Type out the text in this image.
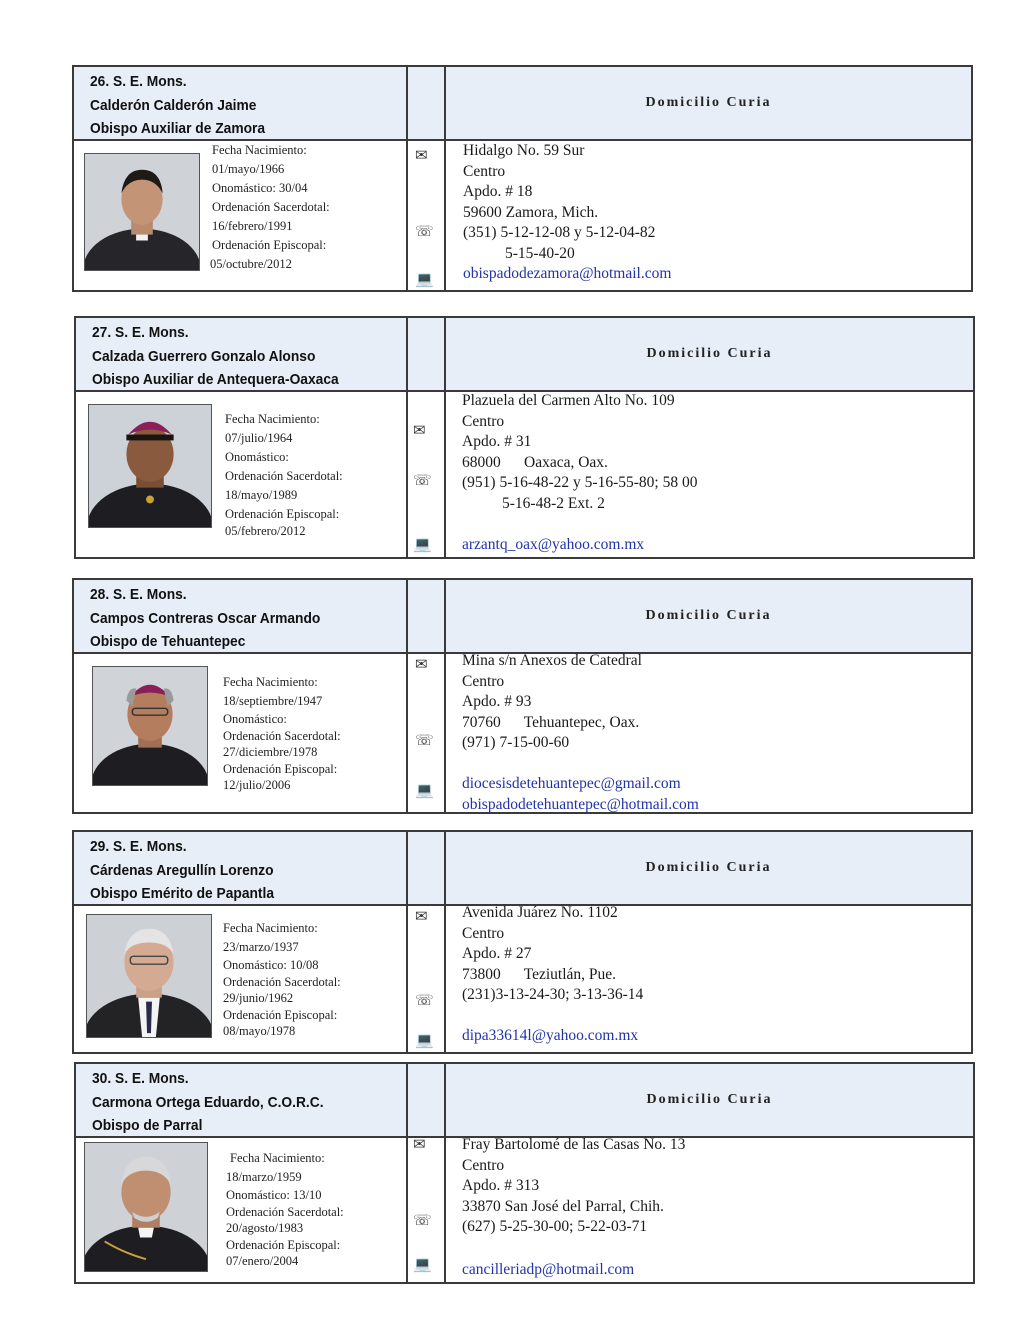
26. S. E. Mons.
Calderón Calderón Jaime
Obispo Auxiliar de Zamora
Domicilio Curia
Fecha Nacimiento:
01/mayo/1966
Onomástico: 30/04
Ordenación Sacerdotal:
16/febrero/1991
Ordenación Episcopal:
05/octubre/2012
✉
☏
💻
Hidalgo No. 59 Sur
Centro
Apdo. # 18
59600 Zamora, Mich.
(351) 5-12-12-08 y 5-12-04-82
5-15-40-20
obispadodezamora@hotmail.com
27. S. E. Mons.
Calzada Guerrero Gonzalo Alonso
Obispo Auxiliar de Antequera-Oaxaca
Domicilio Curia
Fecha Nacimiento:
07/julio/1964
Onomástico:
Ordenación Sacerdotal:
18/mayo/1989
Ordenación Episcopal:
05/febrero/2012
✉
☏
💻
Plazuela del Carmen Alto No. 109
Centro
Apdo. # 31
68000      Oaxaca, Oax.
(951) 5-16-48-22 y 5-16-55-80; 58 00
5-16-48-2 Ext. 2
arzantq_oax@yahoo.com.mx
28. S. E. Mons.
Campos Contreras Oscar Armando
Obispo de Tehuantepec
Domicilio Curia
Fecha Nacimiento:
18/septiembre/1947
Onomástico:
Ordenación Sacerdotal:
27/diciembre/1978
Ordenación Episcopal:
12/julio/2006
✉
☏
💻
Mina s/n Anexos de Catedral
Centro
Apdo. # 93
70760      Tehuantepec, Oax.
(971) 7-15-00-60
diocesisdetehuantepec@gmail.com
obispadodetehuantepec@hotmail.com
29. S. E. Mons.
Cárdenas Aregullín Lorenzo
Obispo Emérito de Papantla
Domicilio Curia
Fecha Nacimiento:
23/marzo/1937
Onomástico: 10/08
Ordenación Sacerdotal:
29/junio/1962
Ordenación Episcopal:
08/mayo/1978
✉
☏
💻
Avenida Juárez No. 1102
Centro
Apdo. # 27
73800      Teziutlán, Pue.
(231)3-13-24-30; 3-13-36-14
dipa33614l@yahoo.com.mx
30. S. E. Mons.
Carmona Ortega Eduardo, C.O.R.C.
Obispo de Parral
Domicilio Curia
Fecha Nacimiento:
18/marzo/1959
Onomástico: 13/10
Ordenación Sacerdotal:
20/agosto/1983
Ordenación Episcopal:
07/enero/2004
✉
☏
💻
Fray Bartolomé de las Casas No. 13
Centro
Apdo. # 313
33870 San José del Parral, Chih.
(627) 5-25-30-00; 5-22-03-71
cancilleriadp@hotmail.com
